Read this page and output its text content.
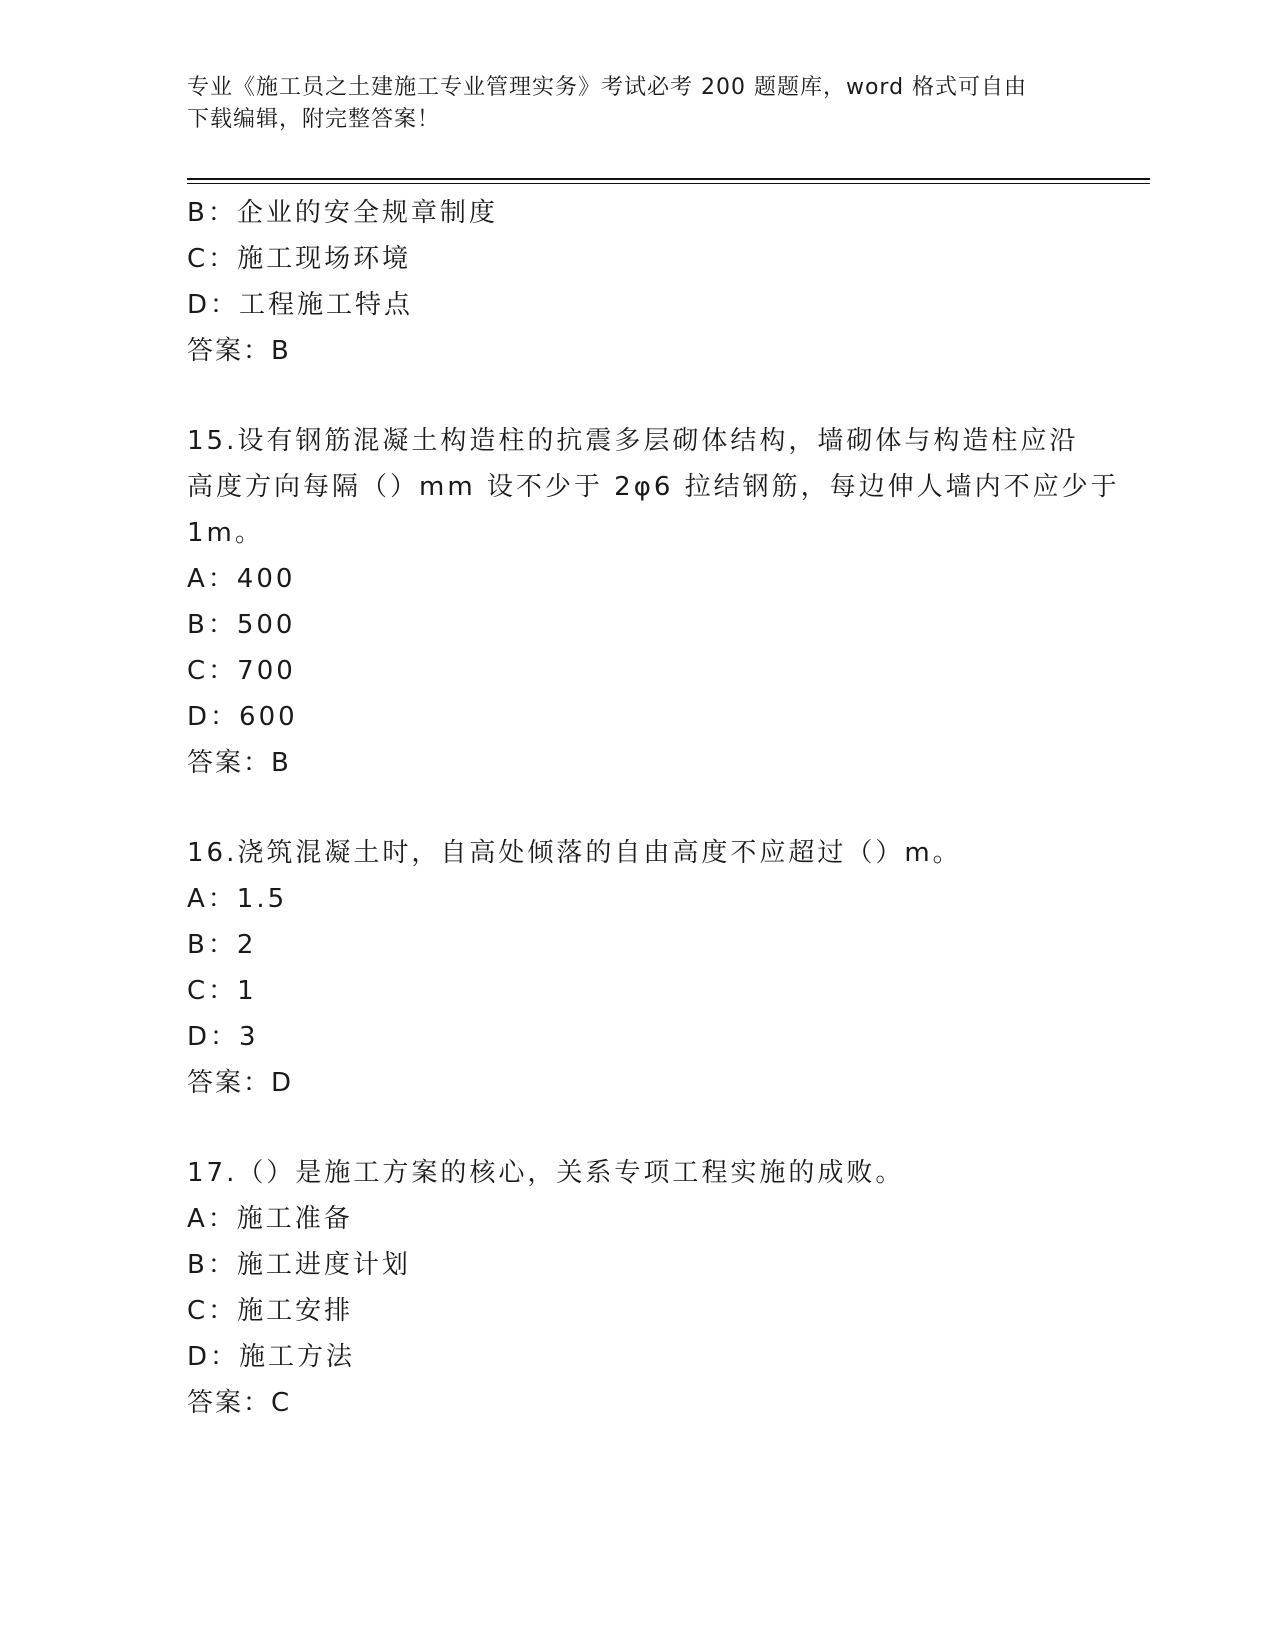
专业《施工员之土建施工专业管理实务》考试必考 200 题题库，word 格式可自由
下载编辑，附完整答案！
B：企业的安全规章制度
C：施工现场环境
D：工程施工特点
答案：B
15.设有钢筋混凝土构造柱的抗震多层砌体结构，墙砌体与构造柱应沿
高度方向每隔（）mm 设不少于 2φ6 拉结钢筋，每边伸人墙内不应少于
1m。
A：400
B：500
C：700
D：600
答案：B
16.浇筑混凝土时，自高处倾落的自由高度不应超过（）m。
A：1.5
B：2
C：1
D：3
答案：D
17.（）是施工方案的核心，关系专项工程实施的成败。
A：施工准备
B：施工进度计划
C：施工安排
D：施工方法
答案：C
